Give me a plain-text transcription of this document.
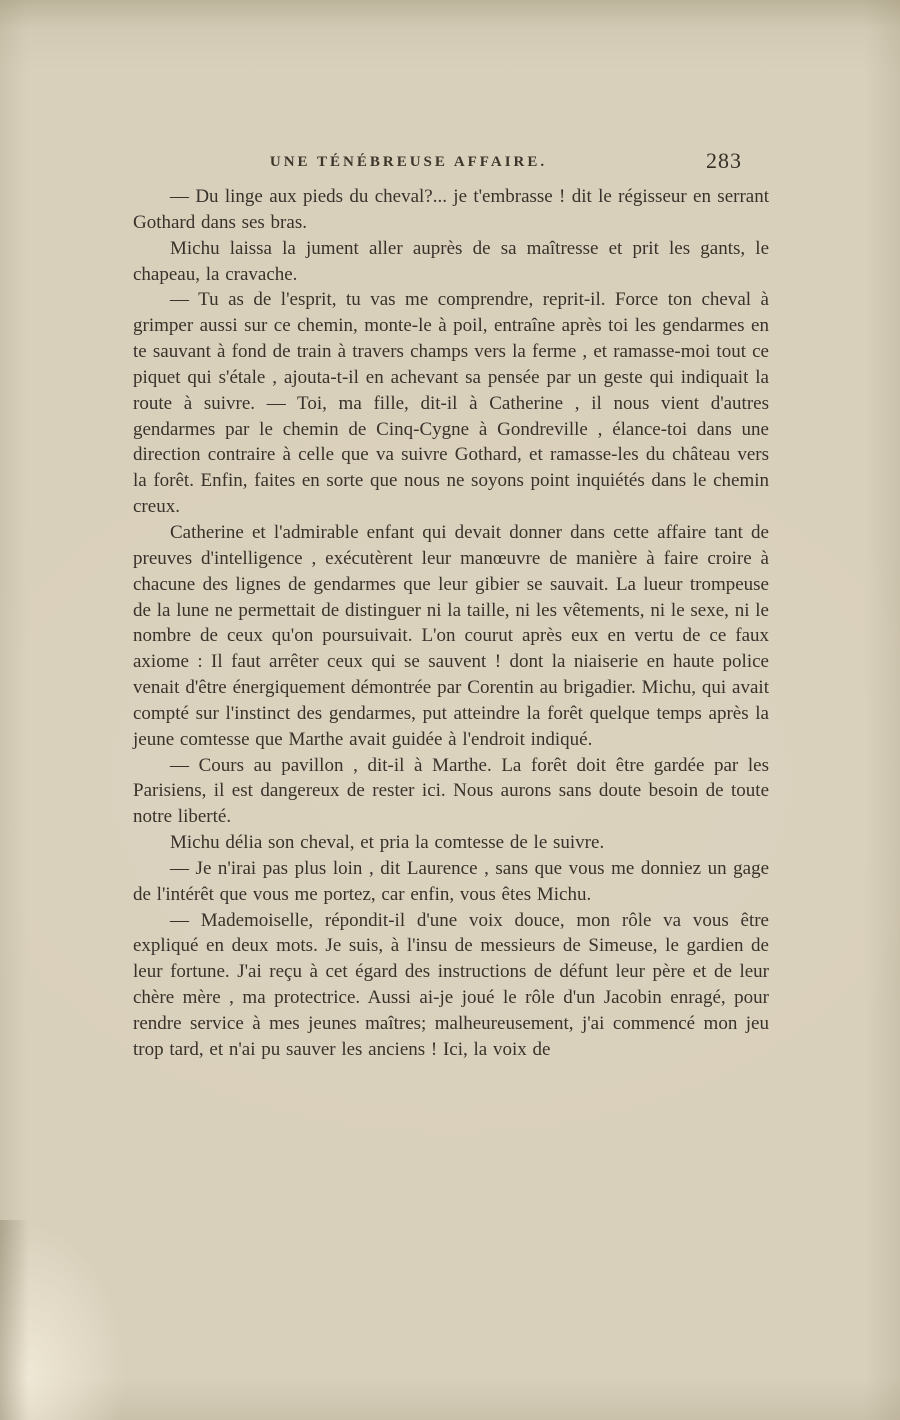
UNE TÉNÉBREUSE AFFAIRE.	283

— Du linge aux pieds du cheval?... je t'embrasse ! dit le régisseur en serrant Gothard dans ses bras.

Michu laissa la jument aller auprès de sa maîtresse et prit les gants, le chapeau, la cravache.

— Tu as de l'esprit, tu vas me comprendre, reprit-il. Force ton cheval à grimper aussi sur ce chemin, monte-le à poil, entraîne après toi les gendarmes en te sauvant à fond de train à travers champs vers la ferme , et ramasse-moi tout ce piquet qui s'étale , ajouta-t-il en achevant sa pensée par un geste qui indiquait la route à suivre. — Toi, ma fille, dit-il à Catherine , il nous vient d'autres gendarmes par le chemin de Cinq-Cygne à Gondreville , élance-toi dans une direction contraire à celle que va suivre Gothard, et ramasse-les du château vers la forêt. Enfin, faites en sorte que nous ne soyons point inquiétés dans le chemin creux.

Catherine et l'admirable enfant qui devait donner dans cette affaire tant de preuves d'intelligence , exécutèrent leur manœuvre de manière à faire croire à chacune des lignes de gendarmes que leur gibier se sauvait. La lueur trompeuse de la lune ne permettait de distinguer ni la taille, ni les vêtements, ni le sexe, ni le nombre de ceux qu'on poursuivait. L'on courut après eux en vertu de ce faux axiome : Il faut arrêter ceux qui se sauvent ! dont la niaiserie en haute police venait d'être énergiquement démontrée par Corentin au brigadier. Michu, qui avait compté sur l'instinct des gendarmes, put atteindre la forêt quelque temps après la jeune comtesse que Marthe avait guidée à l'endroit indiqué.

— Cours au pavillon , dit-il à Marthe. La forêt doit être gardée par les Parisiens, il est dangereux de rester ici. Nous aurons sans doute besoin de toute notre liberté.

Michu délia son cheval, et pria la comtesse de le suivre.

— Je n'irai pas plus loin , dit Laurence , sans que vous me donniez un gage de l'intérêt que vous me portez, car enfin, vous êtes Michu.

— Mademoiselle, répondit-il d'une voix douce, mon rôle va vous être expliqué en deux mots. Je suis, à l'insu de messieurs de Simeuse, le gardien de leur fortune. J'ai reçu à cet égard des instructions de défunt leur père et de leur chère mère , ma protectrice. Aussi ai-je joué le rôle d'un Jacobin enragé, pour rendre service à mes jeunes maîtres; malheureusement, j'ai commencé mon jeu trop tard, et n'ai pu sauver les anciens ! Ici, la voix de
